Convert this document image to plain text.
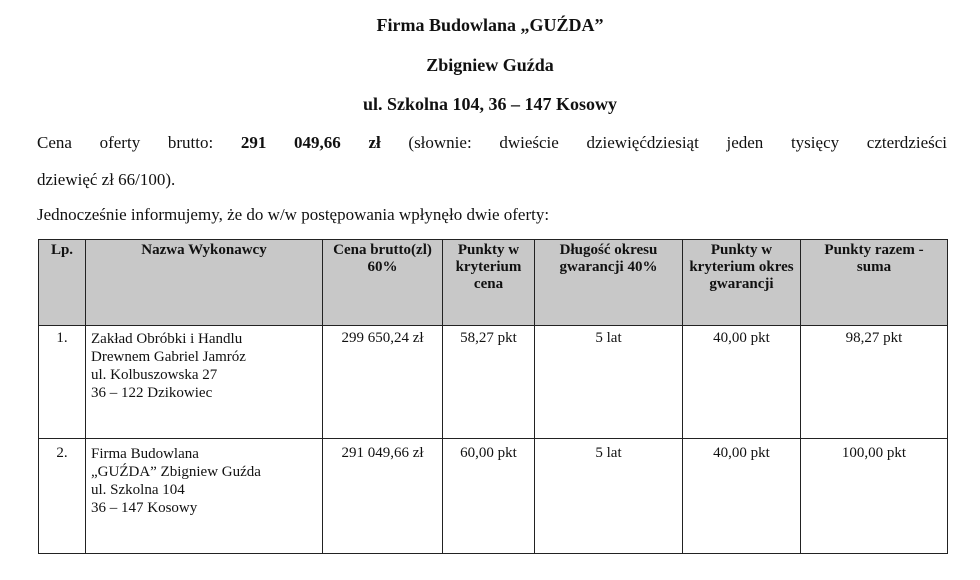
Firma Budowlana „GUŹDA”
Zbigniew Guźda
ul. Szkolna 104, 36 – 147 Kosowy
Cena oferty brutto: 291 049,66 zł (słownie: dwieście dziewięćdziesiąt jeden tysięcy czterdzieści
dziewięć zł 66/100).
Jednocześnie informujemy, że do w/w postępowania wpłynęło dwie oferty:
Lp.	Nazwa Wykonawcy	Cena brutto(zl) 60%	Punkty w kryterium cena	Długość okresu gwarancji 40%	Punkty w kryterium okres gwarancji	Punkty razem - suma
1.	Zakład Obróbki i Handlu
Drewnem Gabriel Jamróz
ul. Kolbuszowska 27
36 – 122 Dzikowiec	299 650,24 zł	58,27 pkt	5 lat	40,00 pkt	98,27 pkt
2.	Firma Budowlana
„GUŹDA” Zbigniew Guźda
ul. Szkolna 104
36 – 147 Kosowy	291 049,66 zł	60,00 pkt	5 lat	40,00 pkt	100,00 pkt
